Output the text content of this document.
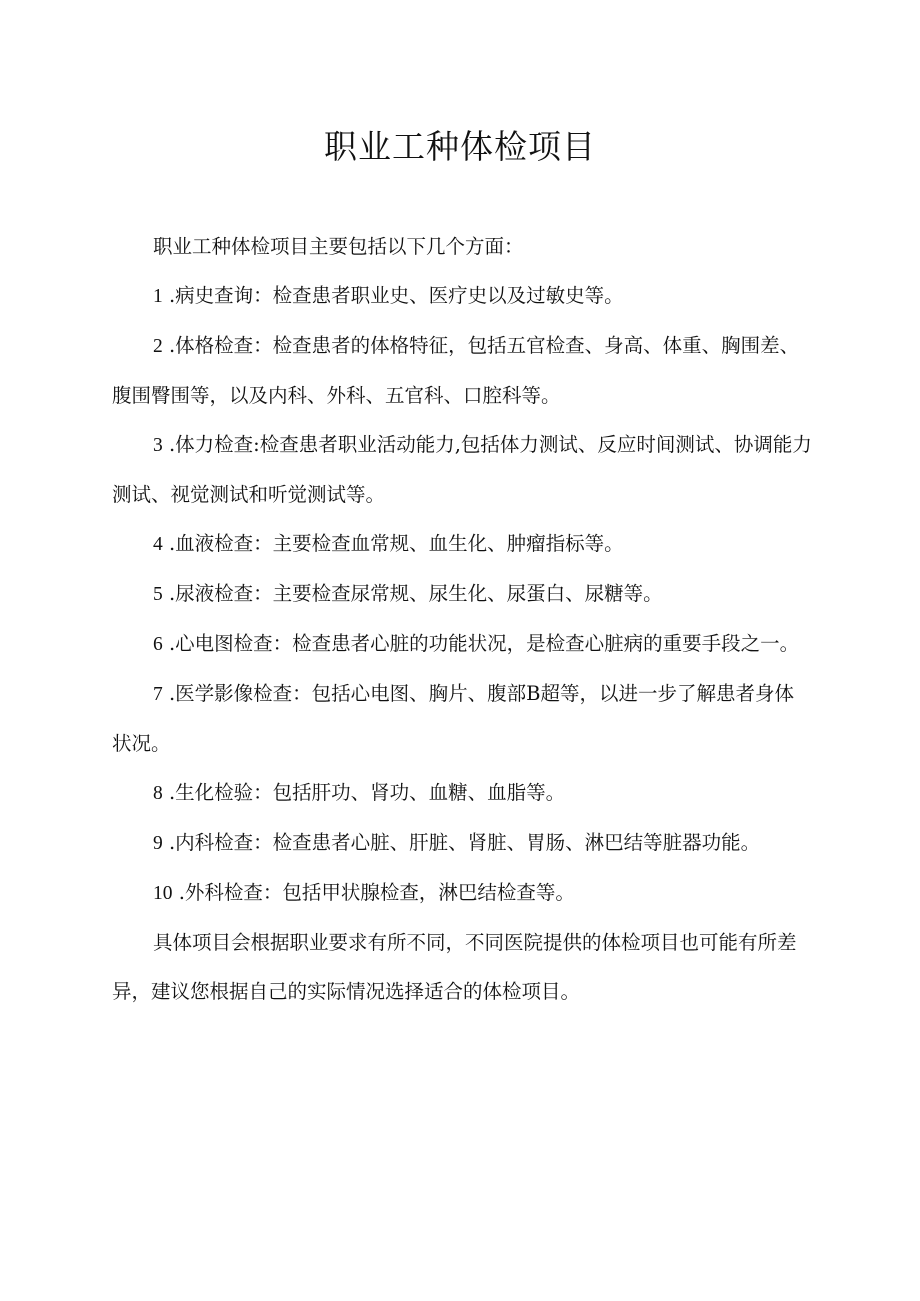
职业工种体检项目

职业工种体检项目主要包括以下几个方面：

1 .病史查询：检查患者职业史、医疗史以及过敏史等。

2 .体格检查：检查患者的体格特征，包括五官检查、身高、体重、胸围差、腹围臀围等，以及内科、外科、五官科、口腔科等。

3 .体力检查:检查患者职业活动能力,包括体力测试、反应时间测试、协调能力测试、视觉测试和听觉测试等。

4 .血液检查：主要检查血常规、血生化、肿瘤指标等。

5 .尿液检查：主要检查尿常规、尿生化、尿蛋白、尿糖等。

6 .心电图检查：检查患者心脏的功能状况，是检查心脏病的重要手段之一。

7 .医学影像检查：包括心电图、胸片、腹部B超等，以进一步了解患者身体状况。

8 .生化检验：包括肝功、肾功、血糖、血脂等。

9 .内科检查：检查患者心脏、肝脏、肾脏、胃肠、淋巴结等脏器功能。

10 .外科检查：包括甲状腺检查，淋巴结检查等。

具体项目会根据职业要求有所不同，不同医院提供的体检项目也可能有所差异，建议您根据自己的实际情况选择适合的体检项目。
